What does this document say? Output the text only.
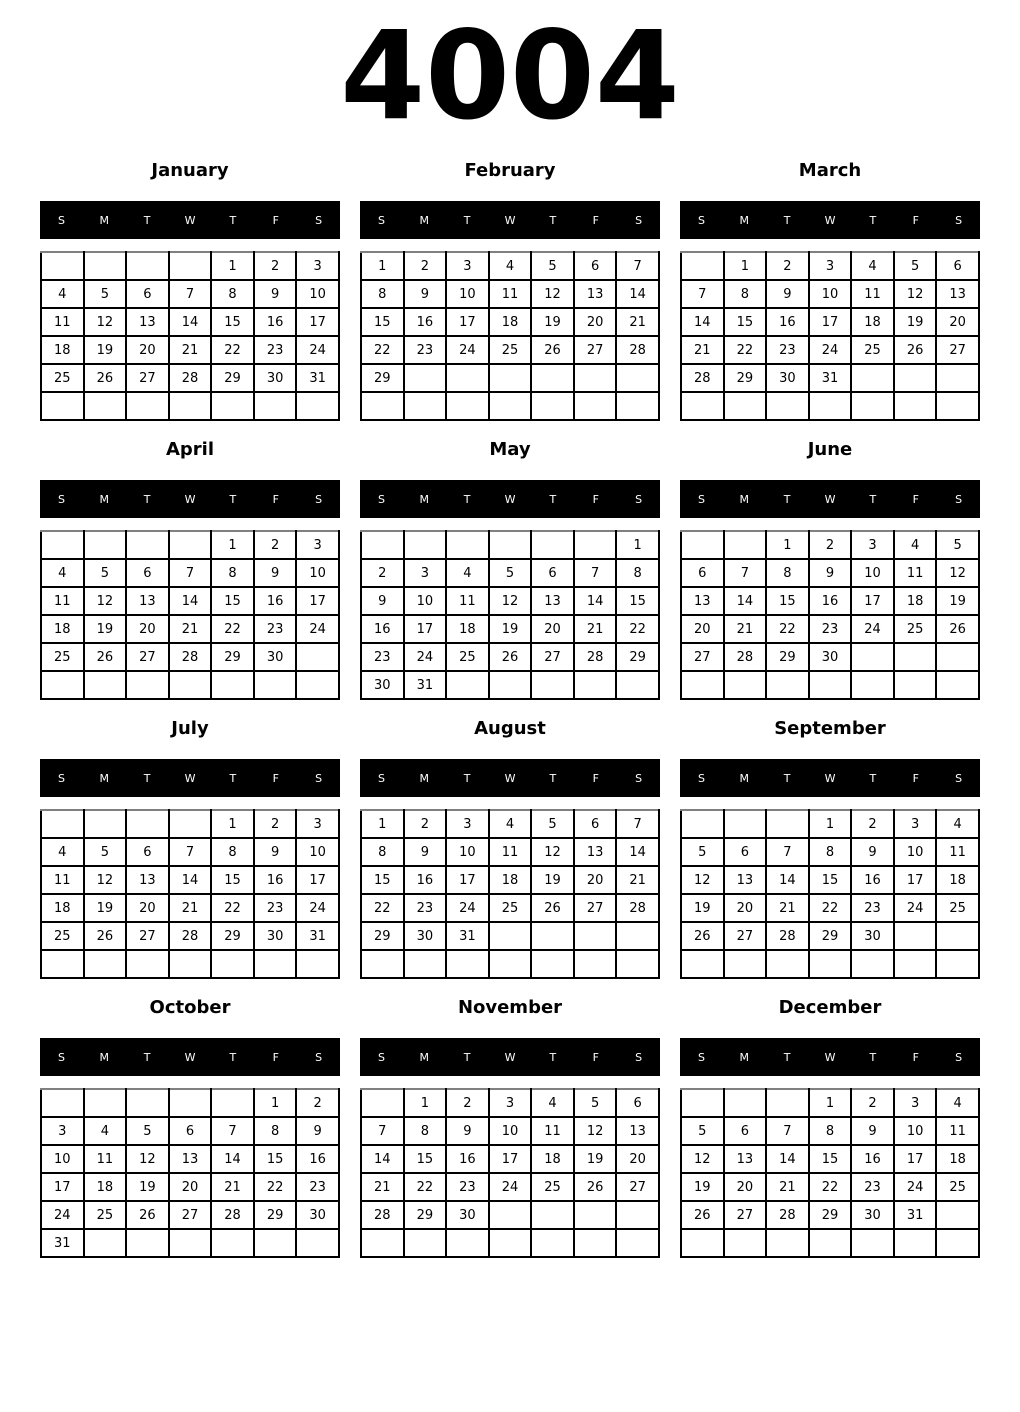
4004
January
S	M	T	W	T	F	S
				1	2	3
4	5	6	7	8	9	10
11	12	13	14	15	16	17
18	19	20	21	22	23	24
25	26	27	28	29	30	31

February
S	M	T	W	T	F	S
1	2	3	4	5	6	7
8	9	10	11	12	13	14
15	16	17	18	19	20	21
22	23	24	25	26	27	28
29						

March
S	M	T	W	T	F	S
	1	2	3	4	5	6
7	8	9	10	11	12	13
14	15	16	17	18	19	20
21	22	23	24	25	26	27
28	29	30	31			

April
S	M	T	W	T	F	S
				1	2	3
4	5	6	7	8	9	10
11	12	13	14	15	16	17
18	19	20	21	22	23	24
25	26	27	28	29	30	

May
S	M	T	W	T	F	S
						1
2	3	4	5	6	7	8
9	10	11	12	13	14	15
16	17	18	19	20	21	22
23	24	25	26	27	28	29
30	31					
June
S	M	T	W	T	F	S
		1	2	3	4	5
6	7	8	9	10	11	12
13	14	15	16	17	18	19
20	21	22	23	24	25	26
27	28	29	30			

July
S	M	T	W	T	F	S
				1	2	3
4	5	6	7	8	9	10
11	12	13	14	15	16	17
18	19	20	21	22	23	24
25	26	27	28	29	30	31

August
S	M	T	W	T	F	S
1	2	3	4	5	6	7
8	9	10	11	12	13	14
15	16	17	18	19	20	21
22	23	24	25	26	27	28
29	30	31				

September
S	M	T	W	T	F	S
			1	2	3	4
5	6	7	8	9	10	11
12	13	14	15	16	17	18
19	20	21	22	23	24	25
26	27	28	29	30		

October
S	M	T	W	T	F	S
					1	2
3	4	5	6	7	8	9
10	11	12	13	14	15	16
17	18	19	20	21	22	23
24	25	26	27	28	29	30
31						
November
S	M	T	W	T	F	S
	1	2	3	4	5	6
7	8	9	10	11	12	13
14	15	16	17	18	19	20
21	22	23	24	25	26	27
28	29	30				

December
S	M	T	W	T	F	S
			1	2	3	4
5	6	7	8	9	10	11
12	13	14	15	16	17	18
19	20	21	22	23	24	25
26	27	28	29	30	31	
